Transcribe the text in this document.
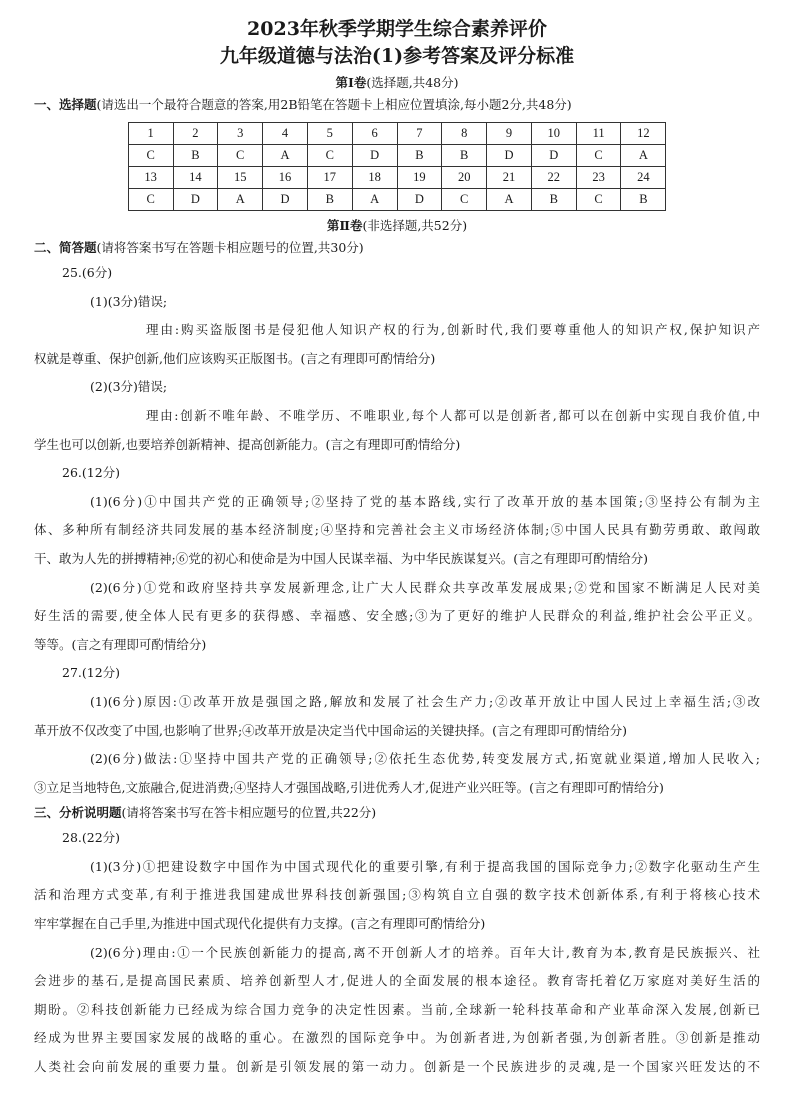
2023年秋季学期学生综合素养评价
九年级道德与法治(1)参考答案及评分标准
第Ⅰ卷(选择题,共48分)
一、选择题(请选出一个最符合题意的答案,用2B铅笔在答题卡上相应位置填涂,每小题2分,共48分)
1	2	3	4	5	6	7	8	9	10	11	12
C	B	C	A	C	D	B	B	D	D	C	A
13	14	15	16	17	18	19	20	21	22	23	24
C	D	A	D	B	A	D	C	A	B	C	B
第Ⅱ卷(非选择题,共52分)
二、简答题(请将答案书写在答题卡相应题号的位置,共30分)
25.(6分)
(1)(3分)错误;
理由:购买盗版图书是侵犯他人知识产权的行为,创新时代,我们要尊重他人的知识产权,保护知识产
权就是尊重、保护创新,他们应该购买正版图书。(言之有理即可酌情给分)
(2)(3分)错误;
理由:创新不唯年龄、不唯学历、不唯职业,每个人都可以是创新者,都可以在创新中实现自我价值,中
学生也可以创新,也要培养创新精神、提高创新能力。(言之有理即可酌情给分)
26.(12分)
(1)(6分)①中国共产党的正确领导;②坚持了党的基本路线,实行了改革开放的基本国策;③坚持公有制为主
体、多种所有制经济共同发展的基本经济制度;④坚持和完善社会主义市场经济体制;⑤中国人民具有勤劳勇敢、敢闯敢
干、敢为人先的拼搏精神;⑥党的初心和使命是为中国人民谋幸福、为中华民族谋复兴。(言之有理即可酌情给分)
(2)(6分)①党和政府坚持共享发展新理念,让广大人民群众共享改革发展成果;②党和国家不断满足人民对美
好生活的需要,使全体人民有更多的获得感、幸福感、安全感;③为了更好的维护人民群众的利益,维护社会公平正义。
等等。(言之有理即可酌情给分)
27.(12分)
(1)(6分)原因:①改革开放是强国之路,解放和发展了社会生产力;②改革开放让中国人民过上幸福生活;③改
革开放不仅改变了中国,也影响了世界;④改革开放是决定当代中国命运的关键抉择。(言之有理即可酌情给分)
(2)(6分)做法:①坚持中国共产党的正确领导;②依托生态优势,转变发展方式,拓宽就业渠道,增加人民收入;
③立足当地特色,文旅融合,促进消费;④坚持人才强国战略,引进优秀人才,促进产业兴旺等。(言之有理即可酌情给分)
三、分析说明题(请将答案书写在答卡相应题号的位置,共22分)
28.(22分)
(1)(3分)①把建设数字中国作为中国式现代化的重要引擎,有利于提高我国的国际竞争力;②数字化驱动生产生
活和治理方式变革,有利于推进我国建成世界科技创新强国;③构筑自立自强的数字技术创新体系,有利于将核心技术
牢牢掌握在自己手里,为推进中国式现代化提供有力支撑。(言之有理即可酌情给分)
(2)(6分)理由:①一个民族创新能力的提高,离不开创新人才的培养。百年大计,教育为本,教育是民族振兴、社
会进步的基石,是提高国民素质、培养创新型人才,促进人的全面发展的根本途径。教育寄托着亿万家庭对美好生活的
期盼。②科技创新能力已经成为综合国力竞争的决定性因素。当前,全球新一轮科技革命和产业革命深入发展,创新已
经成为世界主要国家发展的战略的重心。在激烈的国际竞争中。为创新者进,为创新者强,为创新者胜。③创新是推动
人类社会向前发展的重要力量。创新是引领发展的第一动力。创新是一个民族进步的灵魂,是一个国家兴旺发达的不
